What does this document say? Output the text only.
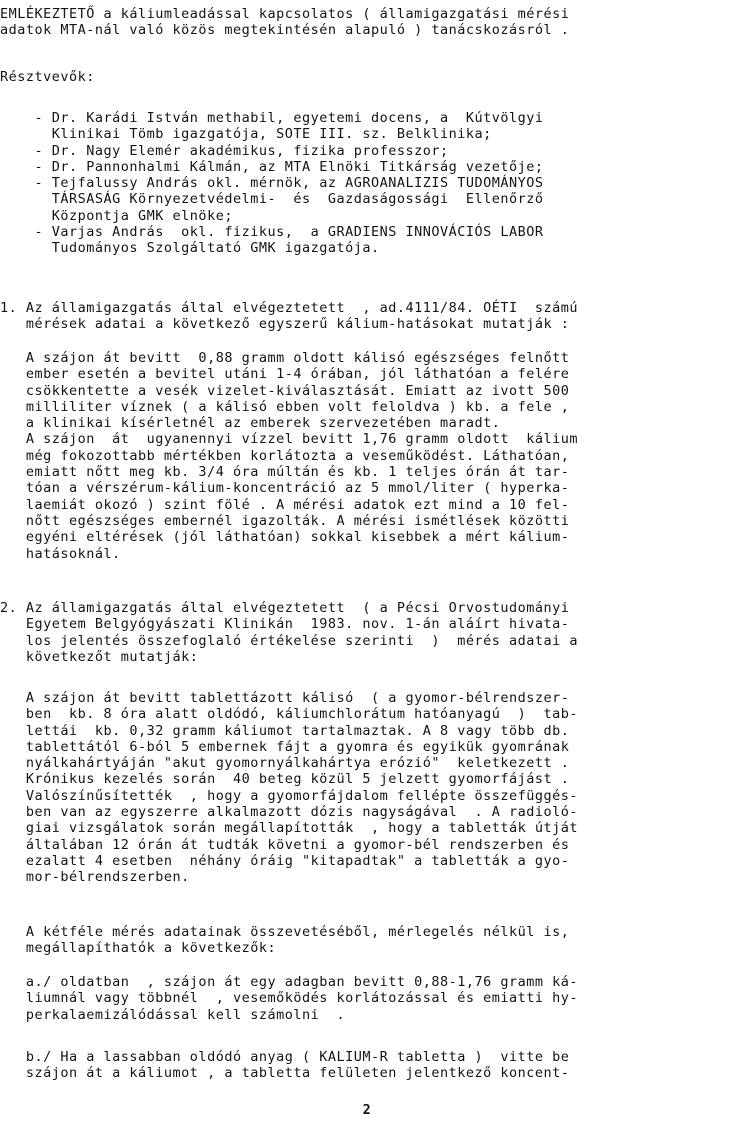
EMLÉKEZTETŐ a káliumleadással kapcsolatos ( államigazgatási mérési
adatok MTA-nál való közös megtekintésén alapuló ) tanácskozásról .
Résztvevők:
- Dr. Karádi István methabil, egyetemi docens, a  Kútvölgyi
Klinikai Tömb igazgatója, SOTE III. sz. Belklinika;
- Dr. Nagy Elemér akadémikus, fizika professzor;
- Dr. Pannonhalmi Kálmán, az MTA Elnöki Titkárság vezetője;
- Tejfalussy András okl. mérnök, az AGROANALIZIS TUDOMÁNYOS
TÁRSASÁG Környezetvédelmi-  és  Gazdaságossági  Ellenőrző
Központja GMK elnöke;
- Varjas András  okl. fizikus,  a GRADIENS INNOVÁCIÓS LABOR
Tudományos Szolgáltató GMK igazgatója.
1. Az államigazgatás által elvégeztetett  , ad.4111/84. OÉTI  számú
mérések adatai a következő egyszerű kálium-hatásokat mutatják :
A szájon át bevitt  0,88 gramm oldott kálisó egészséges felnőtt
ember esetén a bevitel utáni 1-4 órában, jól láthatóan a felére
csökkentette a vesék vizelet-kiválasztását. Emiatt az ivott 500
milliliter víznek ( a kálisó ebben volt feloldva ) kb. a fele ,
a klinikai kísérletnél az emberek szervezetében maradt.
A szájon  át  ugyanennyi vízzel bevitt 1,76 gramm oldott  kálium
még fokozottabb mértékben korlátozta a veseműködést. Láthatóan,
emiatt nőtt meg kb. 3/4 óra múltán és kb. 1 teljes órán át tar-
tóan a vérszérum-kálium-koncentráció az 5 mmol/liter ( hyperka-
laemiát okozó ) szint fölé . A mérési adatok ezt mind a 10 fel-
nőtt egészséges embernél igazolták. A mérési ismétlések közötti
egyéni eltérések (jól láthatóan) sokkal kisebbek a mért kálium-
hatásoknál.
2. Az államigazgatás által elvégeztetett  ( a Pécsi Orvostudományi
Egyetem Belgyógyászati Klinikán  1983. nov. 1-án aláírt hivata-
los jelentés összefoglaló értékelése szerinti  )  mérés adatai a
következőt mutatják:
A szájon át bevitt tablettázott kálisó  ( a gyomor-bélrendszer-
ben  kb. 8 óra alatt oldódó, káliumchlorátum hatóanyagú  )  tab-
lettái  kb. 0,32 gramm káliumot tartalmaztak. A 8 vagy több db.
tablettától 6-ból 5 embernek fájt a gyomra és egyikük gyomrának
nyálkahártyáján "akut gyomornyálkahártya erózió"  keletkezett .
Krónikus kezelés során  40 beteg közül 5 jelzett gyomorfájást .
Valószínűsítették  , hogy a gyomorfájdalom fellépte összefüggés-
ben van az egyszerre alkalmazott dózis nagyságával  . A radioló-
giai vizsgálatok során megállapították  , hogy a tabletták útját
általában 12 órán át tudták követni a gyomor-bél rendszerben és
ezalatt 4 esetben  néhány óráig "kitapadtak" a tabletták a gyo-
mor-bélrendszerben.
A kétféle mérés adatainak összevetéséből, mérlegelés nélkül is,
megállapíthatók a következők:
a./ oldatban  , szájon át egy adagban bevitt 0,88-1,76 gramm ká-
liumnál vagy többnél  , vesemőködés korlátozással és emiatti hy-
perkalaemizálódással kell számolni  .
b./ Ha a lassabban oldódó anyag ( KALIUM-R tabletta )  vitte be
szájon át a káliumot , a tabletta felületen jelentkező koncent-
2
